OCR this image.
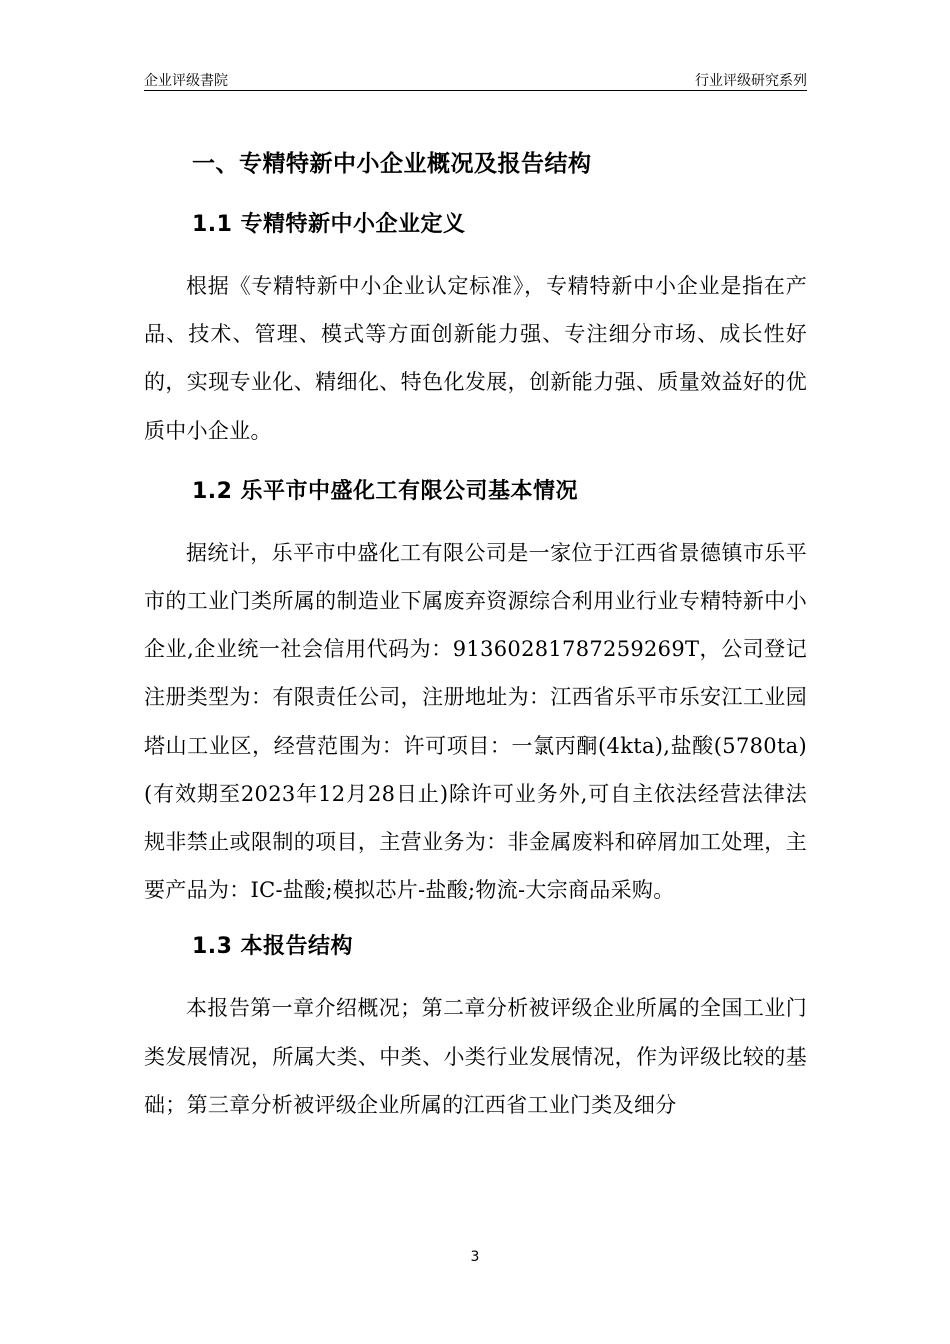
企业评级書院	行业评级研究系列
一、专精特新中小企业概况及报告结构
1.1 专精特新中小企业定义

根据《专精特新中小企业认定标准》，专精特新中小企业是指在产品、技术、管理、模式等方面创新能力强、专注细分市场、成长性好的，实现专业化、精细化、特色化发展，创新能力强、质量效益好的优质中小企业。

1.2 乐平市中盛化工有限公司基本情况

据统计，乐平市中盛化工有限公司是一家位于江西省景德镇市乐平市的工业门类所属的制造业下属废弃资源综合利用业行业专精特新中小企业,企业统一社会信用代码为：91360281787259269T，公司登记注册类型为：有限责任公司，注册地址为：江西省乐平市乐安江工业园塔山工业区，经营范围为：许可项目：一氯丙酮(4kta),盐酸(5780ta)(有效期至2023年12月28日止)除许可业务外,可自主依法经营法律法规非禁止或限制的项目，主营业务为：非金属废料和碎屑加工处理，主要产品为：IC-盐酸;模拟芯片-盐酸;物流-大宗商品采购。

1.3 本报告结构

本报告第一章介绍概况；第二章分析被评级企业所属的全国工业门类发展情况，所属大类、中类、小类行业发展情况，作为评级比较的基础；第三章分析被评级企业所属的江西省工业门类及细分

3
